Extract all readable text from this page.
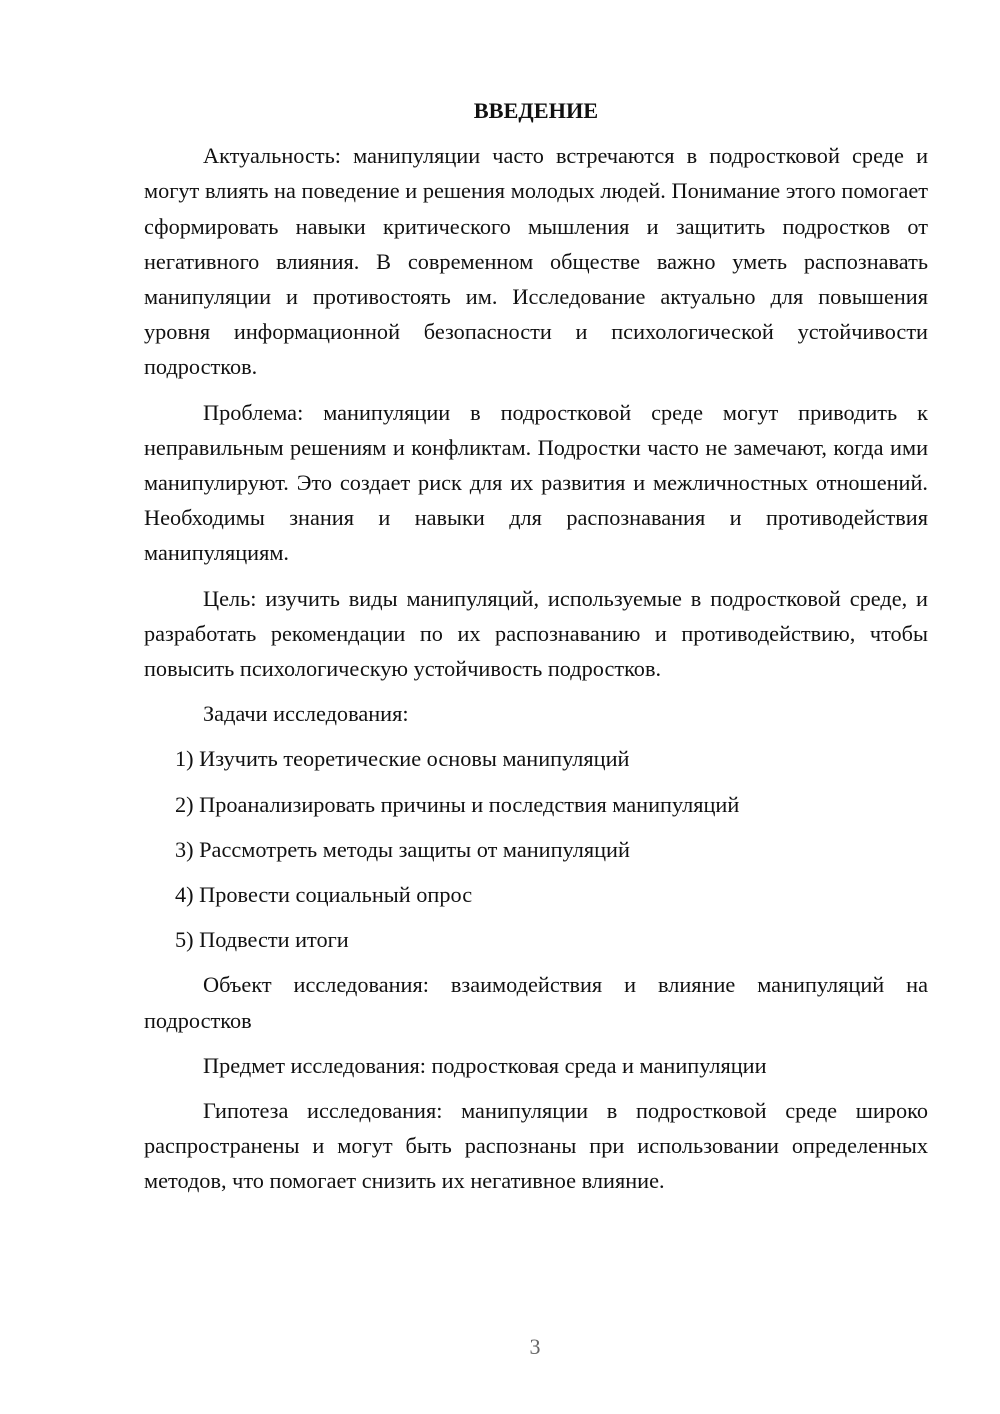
ВВЕДЕНИЕ

Актуальность: манипуляции часто встречаются в подростковой среде и могут влиять на поведение и решения молодых людей. Понимание этого помогает сформировать навыки критического мышления и защитить подростков от негативного влияния. В современном обществе важно уметь распознавать манипуляции и противостоять им. Исследование актуально для повышения уровня информационной безопасности и психологической устойчивости подростков.

Проблема: манипуляции в подростковой среде могут приводить к неправильным решениям и конфликтам. Подростки часто не замечают, когда ими манипулируют. Это создает риск для их развития и межличностных отношений. Необходимы знания и навыки для распознавания и противодействия манипуляциям.

Цель: изучить виды манипуляций, используемые в подростковой среде, и разработать рекомендации по их распознаванию и противодействию, чтобы повысить психологическую устойчивость подростков.

Задачи исследования:

1) Изучить теоретические основы манипуляций
2) Проанализировать причины и последствия манипуляций
3) Рассмотреть методы защиты от манипуляций
4) Провести социальный опрос
5) Подвести итоги

Объект исследования: взаимодействия и влияние манипуляций на подростков

Предмет исследования: подростковая среда и манипуляции

Гипотеза исследования: манипуляции в подростковой среде широко распространены и могут быть распознаны при использовании определенных методов, что помогает снизить их негативное влияние.

3
